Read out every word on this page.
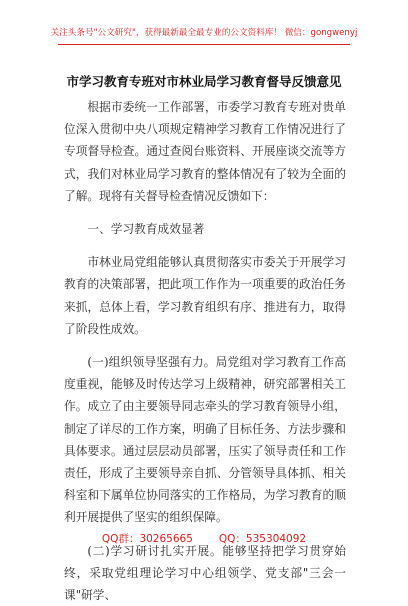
关注头条号"公文研究"，获得最新最全最专业的公文资料库！ 微信：gongwenyj
市学习教育专班对市林业局学习教育督导反馈意见

根据市委统一工作部署，市委学习教育专班对贵单位深入贯彻中央八项规定精神学习教育工作情况进行了专项督导检查。通过查阅台账资料、开展座谈交流等方式，我们对林业局学习教育的整体情况有了较为全面的了解。现将有关督导检查情况反馈如下：

一、学习教育成效显著

市林业局党组能够认真贯彻落实市委关于开展学习教育的决策部署，把此项工作作为一项重要的政治任务来抓，总体上看，学习教育组织有序、推进有力，取得了阶段性成效。

(一)组织领导坚强有力。局党组对学习教育工作高度重视，能够及时传达学习上级精神，研究部署相关工作。成立了由主要领导同志牵头的学习教育领导小组，制定了详尽的工作方案，明确了目标任务、方法步骤和具体要求。通过层层动员部署，压实了领导责任和工作责任，形成了主要领导亲自抓、分管领导具体抓、相关科室和下属单位协同落实的工作格局，为学习教育的顺利开展提供了坚实的组织保障。

(二)学习研讨扎实开展。能够坚持把学习贯穿始终，采取党组理论学习中心组领学、党支部"三会一课"研学、

QQ群：30265665 QQ：535304092
